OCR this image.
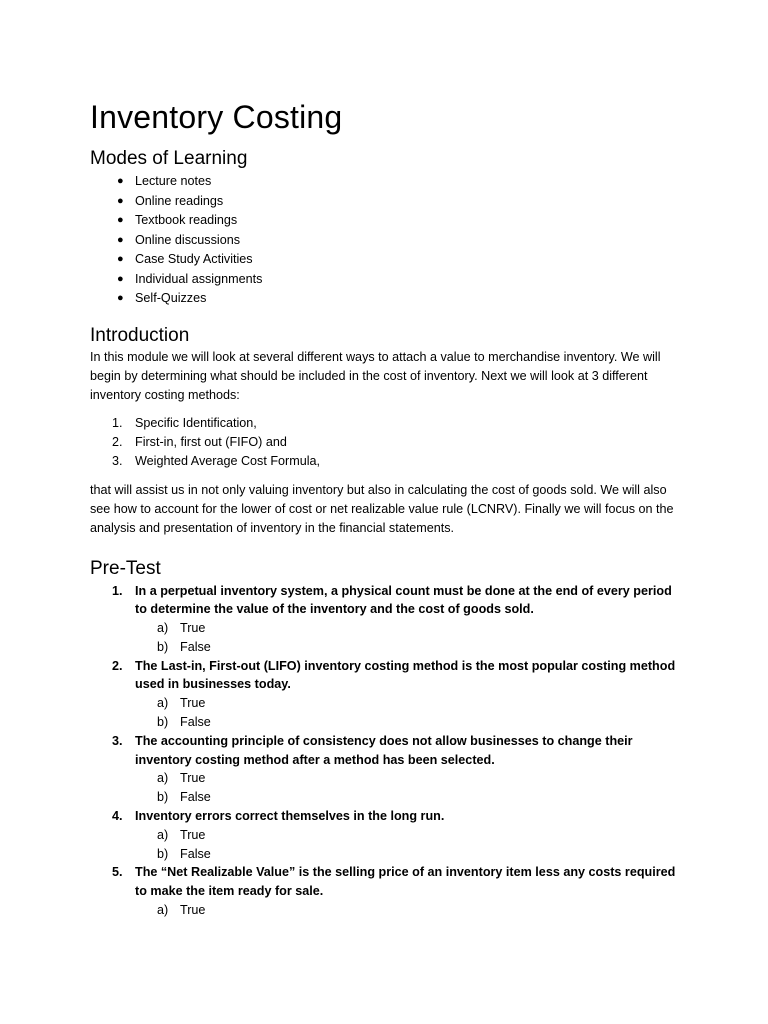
Inventory Costing
Modes of Learning
● Lecture notes
● Online readings
● Textbook readings
● Online discussions
● Case Study Activities
● Individual assignments
● Self-Quizzes
Introduction

In this module we will look at several different ways to attach a value to merchandise inventory. We will begin by determining what should be included in the cost of inventory. Next we will look at 3 different inventory costing methods:

1. Specific Identification,
2. First-in, first out (FIFO) and
3. Weighted Average Cost Formula,

that will assist us in not only valuing inventory but also in calculating the cost of goods sold. We will also see how to account for the lower of cost or net realizable value rule (LCNRV). Finally we will focus on the analysis and presentation of inventory in the financial statements.

Pre-Test
1. In a perpetual inventory system, a physical count must be done at the end of every period to determine the value of the inventory and the cost of goods sold.
a) True
b) False
2. The Last-in, First-out (LIFO) inventory costing method is the most popular costing method used in businesses today.
a) True
b) False
3. The accounting principle of consistency does not allow businesses to change their inventory costing method after a method has been selected.
a) True
b) False
4. Inventory errors correct themselves in the long run.
a) True
b) False
5. The “Net Realizable Value” is the selling price of an inventory item less any costs required to make the item ready for sale.
a) True
